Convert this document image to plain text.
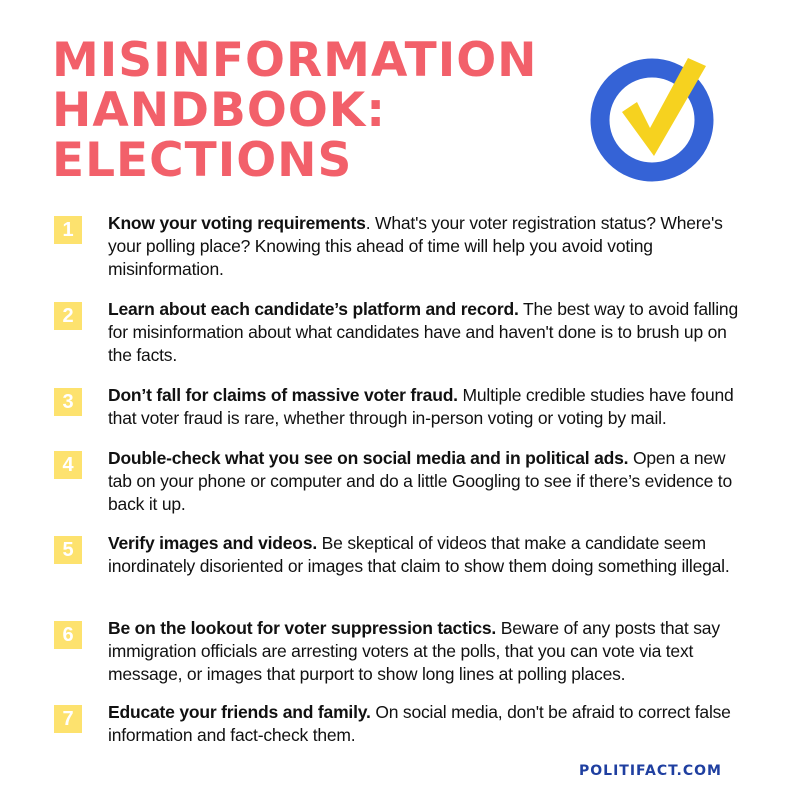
MISINFORMATION
HANDBOOK:
ELECTIONS
1	Know your voting requirements. What's your voter registration status? Where's your polling place? Knowing this ahead of time will help you avoid voting misinformation.

2	Learn about each candidate’s platform and record. The best way to avoid falling for misinformation about what candidates have and haven't done is to brush up on the facts.

3	Don’t fall for claims of massive voter fraud. Multiple credible studies have found that voter fraud is rare, whether through in-person voting or voting by mail.

4	Double-check what you see on social media and in political ads. Open a new tab on your phone or computer and do a little Googling to see if there’s evidence to back it up.

5	Verify images and videos. Be skeptical of videos that make a candidate seem inordinately disoriented or images that claim to show them doing something illegal.

6	Be on the lookout for voter suppression tactics. Beware of any posts that say immigration officials are arresting voters at the polls, that you can vote via text message, or images that purport to show long lines at polling places.

7	Educate your friends and family. On social media, don't be afraid to correct false information and fact-check them.

POLITIFACT.COM
